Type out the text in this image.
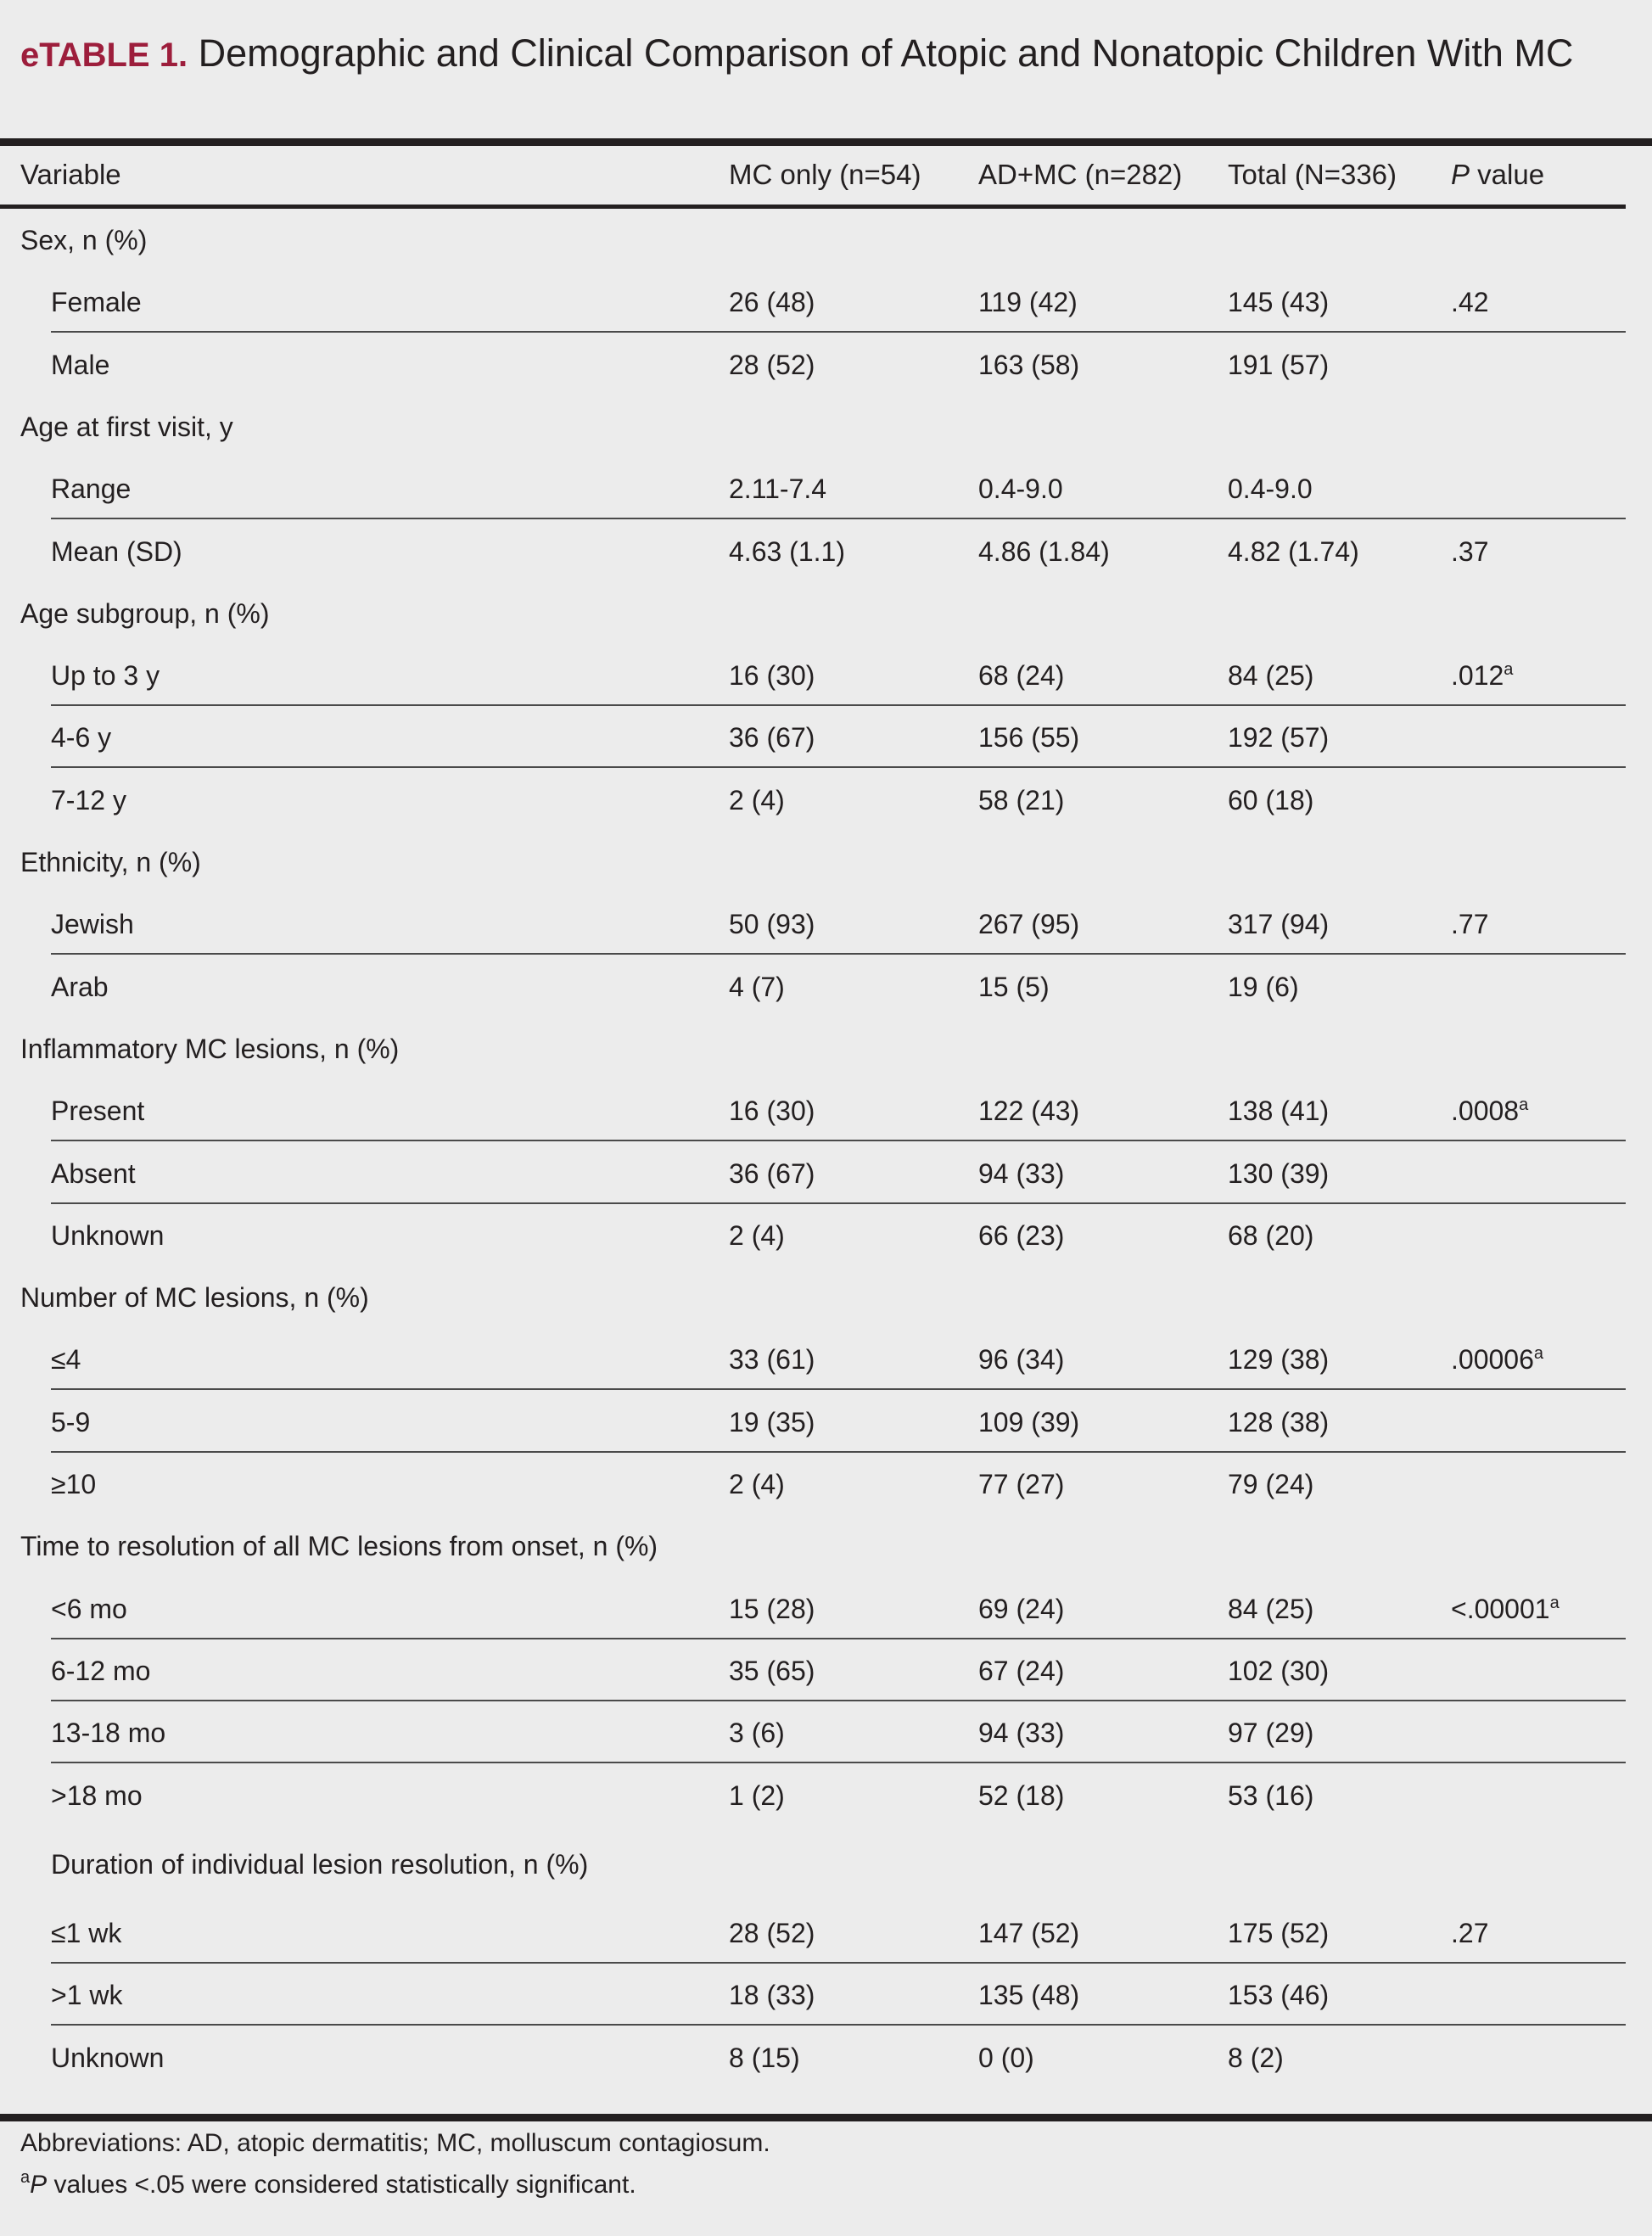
eTABLE 1. Demographic and Clinical Comparison of Atopic and Nonatopic Children With MC
Variable	MC only (n=54) AD+MC (n=282) Total (N=336) P value
Sex, n (%)
Female	26 (48)	119 (42)	145 (43)	.42
Male	28 (52)	163 (58)	191 (57)
Age at first visit, y
Range	2.11-7.4	0.4-9.0	0.4-9.0
Mean (SD)	4.63 (1.1)	4.86 (1.84)	4.82 (1.74)	.37
Age subgroup, n (%)
Up to 3 y	16 (30)	68 (24)	84 (25)	.012$^a$
4-6 y	36 (67)	156 (55)	192 (57)
7-12 y	2 (4)	58 (21)	60 (18)
Ethnicity, n (%)
Jewish	50 (93)	267 (95)	317 (94)	.77
Arab	4 (7)	15 (5)	19 (6)
Inflammatory MC lesions, n (%)
Present	16 (30)	122 (43)	138 (41)	.0008$^a$
Absent	36 (67)	94 (33)	130 (39)
Unknown	2 (4)	66 (23)	68 (20)
Number of MC lesions, n (%)
≤4	33 (61)	96 (34)	129 (38)	.00006$^a$
5-9	19 (35)	109 (39)	128 (38)
≥10	2 (4)	77 (27)	79 (24)
Time to resolution of all MC lesions from onset, n (%)
<6 mo	15 (28)	69 (24)	84 (25)	<.00001$^a$
6-12 mo	35 (65)	67 (24)	102 (30)
13-18 mo	3 (6)	94 (33)	97 (29)
>18 mo	1 (2)	52 (18)	53 (16)
Duration of individual lesion resolution, n (%)
≤1 wk	28 (52)	147 (52)	175 (52)	.27
>1 wk	18 (33)	135 (48)	153 (46)
Unknown	8 (15)	0 (0)	8 (2)
Abbreviations: AD, atopic dermatitis; MC, molluscum contagiosum.
$^a$P values <.05 were considered statistically significant.
